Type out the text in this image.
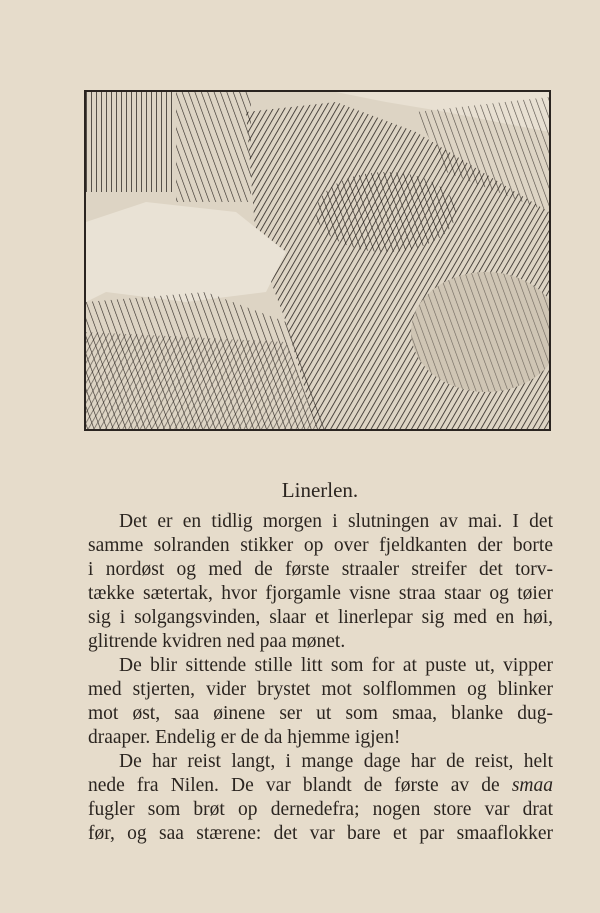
Linerlen.
Det er en tidlig morgen i slutningen av mai. I det
samme solranden stikker op over fjeldkanten der borte
i nordøst og med de første straaler streifer det torv-
tække sætertak, hvor fjorgamle visne straa staar og tøier
sig i solgangsvinden, slaar et linerlepar sig med en høi,
glitrende kvidren ned paa mønet.
De blir sittende stille litt som for at puste ut, vipper
med stjerten, vider brystet mot solflommen og blinker
mot øst, saa øinene ser ut som smaa, blanke dug-
draaper. Endelig er de da hjemme igjen!
De har reist langt, i mange dage har de reist, helt
nede fra Nilen. De var blandt de første av de smaa
fugler som brøt op dernedefra; nogen store var drat
før, og saa stærene: det var bare et par smaaflokker
